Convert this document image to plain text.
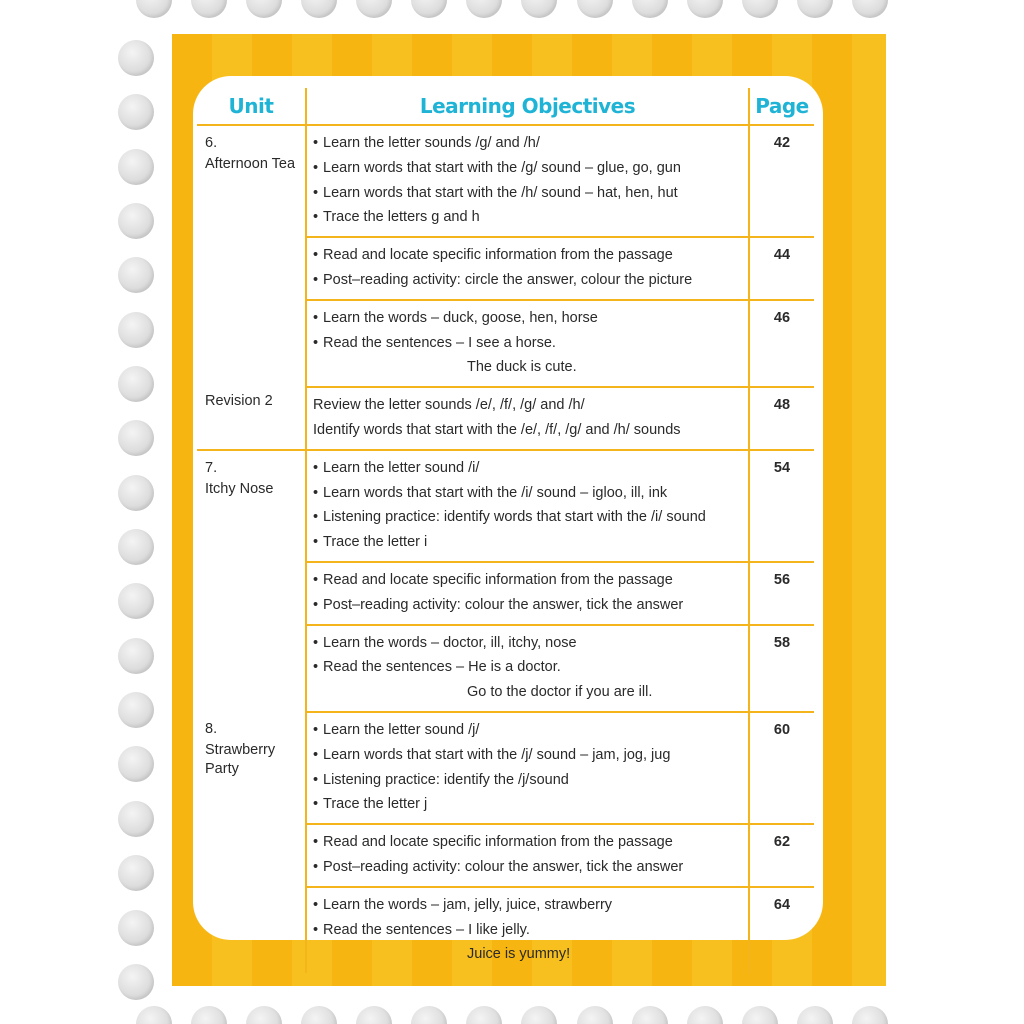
Unit	Learning Objectives	Page

6.
Afternoon Tea	• Learn the letter sounds /g/ and /h/
• Learn words that start with the /g/ sound – glue, go, gun
• Learn words that start with the /h/ sound – hat, hen, hut
• Trace the letters g and h	42

	• Read and locate specific information from the passage
• Post–reading activity: circle the answer, colour the picture	44

	• Learn the words – duck, goose, hen, horse
• Read the sentences – I see a horse.
The duck is cute.	46

Revision 2	Review the letter sounds /e/, /f/, /g/ and /h/
Identify words that start with the /e/, /f/, /g/ and /h/ sounds	48

7.
Itchy Nose	• Learn the letter sound /i/
• Learn words that start with the /i/ sound – igloo, ill, ink
• Listening practice: identify words that start with the /i/ sound
• Trace the letter i	54

	• Read and locate specific information from the passage
• Post–reading activity: colour the answer, tick the answer	56

	• Learn the words – doctor, ill, itchy, nose
• Read the sentences – He is a doctor.
Go to the doctor if you are ill.	58

8.
Strawberry Party	• Learn the letter sound /j/
• Learn words that start with the /j/ sound – jam, jog, jug
• Listening practice: identify the /j/sound
• Trace the letter j	60

	• Read and locate specific information from the passage
• Post–reading activity: colour the answer, tick the answer	62

	• Learn the words – jam, jelly, juice, strawberry
• Read the sentences – I like jelly.
Juice is yummy!	64
